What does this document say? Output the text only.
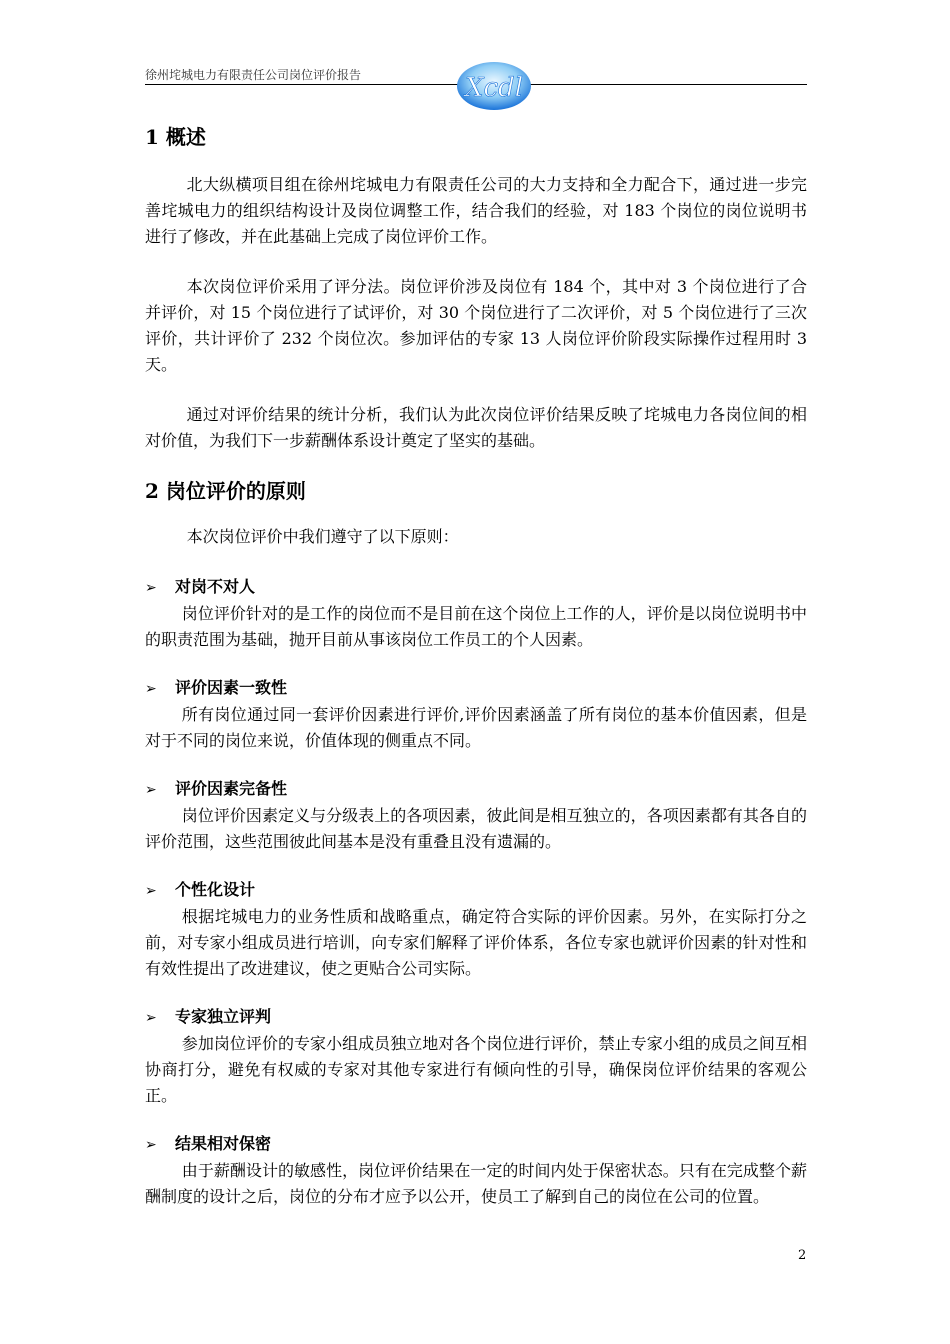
徐州垞城电力有限责任公司岗位评价报告	Xcdl
1 概述

北大纵横项目组在徐州垞城电力有限责任公司的大力支持和全力配合下，通过进一步完善垞城电力的组织结构设计及岗位调整工作，结合我们的经验，对 183 个岗位的岗位说明书进行了修改，并在此基础上完成了岗位评价工作。

本次岗位评价采用了评分法。岗位评价涉及岗位有 184 个，其中对 3 个岗位进行了合并评价，对 15 个岗位进行了试评价，对 30 个岗位进行了二次评价，对 5 个岗位进行了三次评价，共计评价了 232 个岗位次。参加评估的专家 13 人岗位评价阶段实际操作过程用时 3 天。

通过对评价结果的统计分析，我们认为此次岗位评价结果反映了垞城电力各岗位间的相对价值，为我们下一步薪酬体系设计奠定了坚实的基础。

2 岗位评价的原则

本次岗位评价中我们遵守了以下原则：

➢ 对岗不对人

岗位评价针对的是工作的岗位而不是目前在这个岗位上工作的人，评价是以岗位说明书中的职责范围为基础，抛开目前从事该岗位工作员工的个人因素。

➢ 评价因素一致性

所有岗位通过同一套评价因素进行评价,评价因素涵盖了所有岗位的基本价值因素，但是对于不同的岗位来说，价值体现的侧重点不同。

➢ 评价因素完备性

岗位评价因素定义与分级表上的各项因素，彼此间是相互独立的，各项因素都有其各自的评价范围，这些范围彼此间基本是没有重叠且没有遗漏的。

➢ 个性化设计

根据垞城电力的业务性质和战略重点，确定符合实际的评价因素。另外，在实际打分之前，对专家小组成员进行培训，向专家们解释了评价体系，各位专家也就评价因素的针对性和有效性提出了改进建议，使之更贴合公司实际。

➢ 专家独立评判

参加岗位评价的专家小组成员独立地对各个岗位进行评价，禁止专家小组的成员之间互相协商打分，避免有权威的专家对其他专家进行有倾向性的引导，确保岗位评价结果的客观公正。

➢ 结果相对保密

由于薪酬设计的敏感性，岗位评价结果在一定的时间内处于保密状态。只有在完成整个薪酬制度的设计之后，岗位的分布才应予以公开，使员工了解到自己的岗位在公司的位置。

2
